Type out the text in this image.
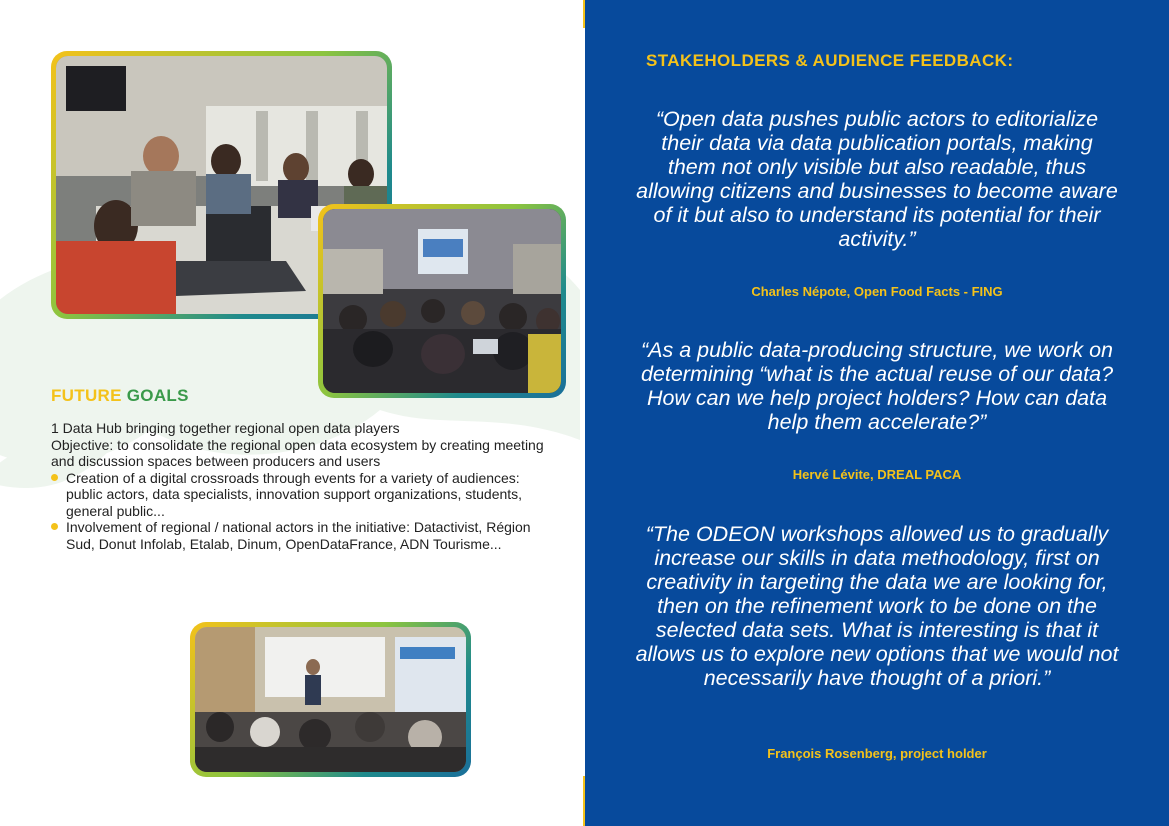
FUTURE GOALS

1 Data Hub bringing together regional open data players

Objective: to consolidate the regional open data ecosystem by creating meeting and discussion spaces between producers and users

Creation of a digital crossroads through events for a variety of audiences: public actors, data specialists, innovation support organizations, students, general public...
Involvement of regional / national actors in the initiative: Datactivist, Région Sud, Donut Infolab, Etalab, Dinum, OpenDataFrance, ADN Tourisme...
STAKEHOLDERS & AUDIENCE FEEDBACK:
“Open data pushes public actors to editorialize their data via data publication portals, making them not only visible but also readable, thus allowing citizens and businesses to become aware of it but also to understand its potential for their activity.”
Charles Népote, Open Food Facts - FING
“As a public data-producing structure, we work on determining “what is the actual reuse of our data? How can we help project holders? How can data help them accelerate?”
Hervé Lévite, DREAL PACA
“The ODEON workshops allowed us to gradually increase our skills in data methodology, first on creativity in targeting the data we are looking for, then on the refinement work to be done on the selected data sets. What is interesting is that it allows us to explore new options that we would not necessarily have thought of a priori.”
François Rosenberg, project holder
